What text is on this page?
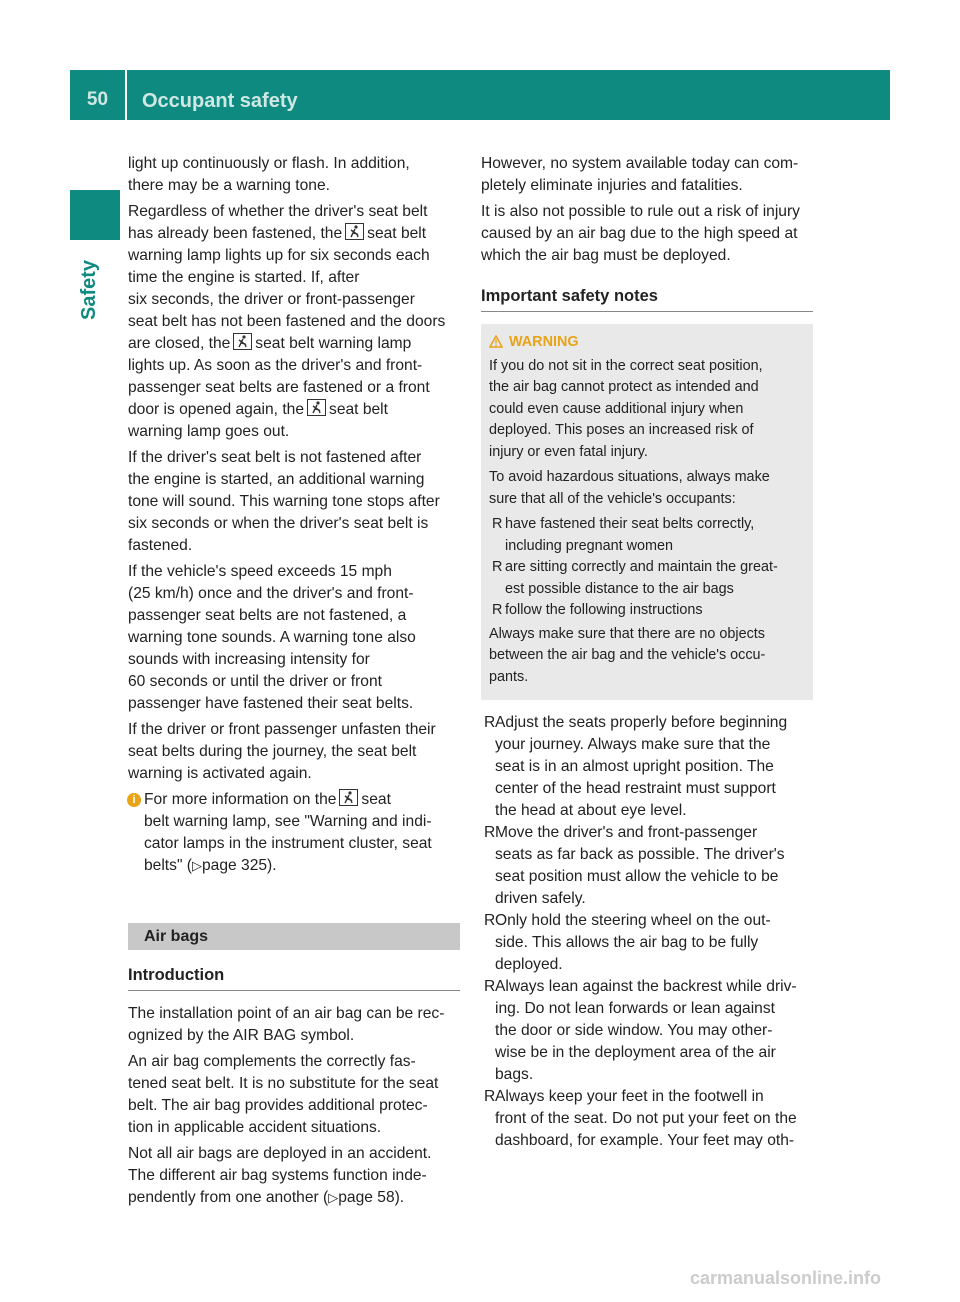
50	Occupant safety
Safety

light up continuously or flash. In addition,
there may be a warning tone.

Regardless of whether the driver's seat belt
has already been fastened, the seat belt
warning lamp lights up for six seconds each
time the engine is started. If, after
six seconds, the driver or front-passenger
seat belt has not been fastened and the doors
are closed, the seat belt warning lamp
lights up. As soon as the driver's and front-
passenger seat belts are fastened or a front
door is opened again, the seat belt
warning lamp goes out.

If the driver's seat belt is not fastened after
the engine is started, an additional warning
tone will sound. This warning tone stops after
six seconds or when the driver's seat belt is
fastened.

If the vehicle's speed exceeds 15 mph
(25 km/h) once and the driver's and front-
passenger seat belts are not fastened, a
warning tone sounds. A warning tone also
sounds with increasing intensity for
60 seconds or until the driver or front
passenger have fastened their seat belts.

If the driver or front passenger unfasten their
seat belts during the journey, the seat belt
warning is activated again.

i For more information on the seat
belt warning lamp, see "Warning and indi-
cator lamps in the instrument cluster, seat
belts" (▷page 325).
Air bags
Introduction

The installation point of an air bag can be rec-
ognized by the AIR BAG symbol.

An air bag complements the correctly fas-
tened seat belt. It is no substitute for the seat
belt. The air bag provides additional protec-
tion in applicable accident situations.

Not all air bags are deployed in an accident.
The different air bag systems function inde-
pendently from one another (▷page 58).

However, no system available today can com-
pletely eliminate injuries and fatalities.

It is also not possible to rule out a risk of injury
caused by an air bag due to the high speed at
which the air bag must be deployed.

Important safety notes
WARNING

If you do not sit in the correct seat position,
the air bag cannot protect as intended and
could even cause additional injury when
deployed. This poses an increased risk of
injury or even fatal injury.

To avoid hazardous situations, always make
sure that all of the vehicle's occupants:

R have fastened their seat belts correctly,
including pregnant women
R are sitting correctly and maintain the great-
est possible distance to the air bags
R follow the following instructions

Always make sure that there are no objects
between the air bag and the vehicle's occu-
pants.

R Adjust the seats properly before beginning
your journey. Always make sure that the
seat is in an almost upright position. The
center of the head restraint must support
the head at about eye level.
R Move the driver's and front-passenger
seats as far back as possible. The driver's
seat position must allow the vehicle to be
driven safely.
R Only hold the steering wheel on the out-
side. This allows the air bag to be fully
deployed.
R Always lean against the backrest while driv-
ing. Do not lean forwards or lean against
the door or side window. You may other-
wise be in the deployment area of the air
bags.
R Always keep your feet in the footwell in
front of the seat. Do not put your feet on the
dashboard, for example. Your feet may oth-
carmanualsonline.info
